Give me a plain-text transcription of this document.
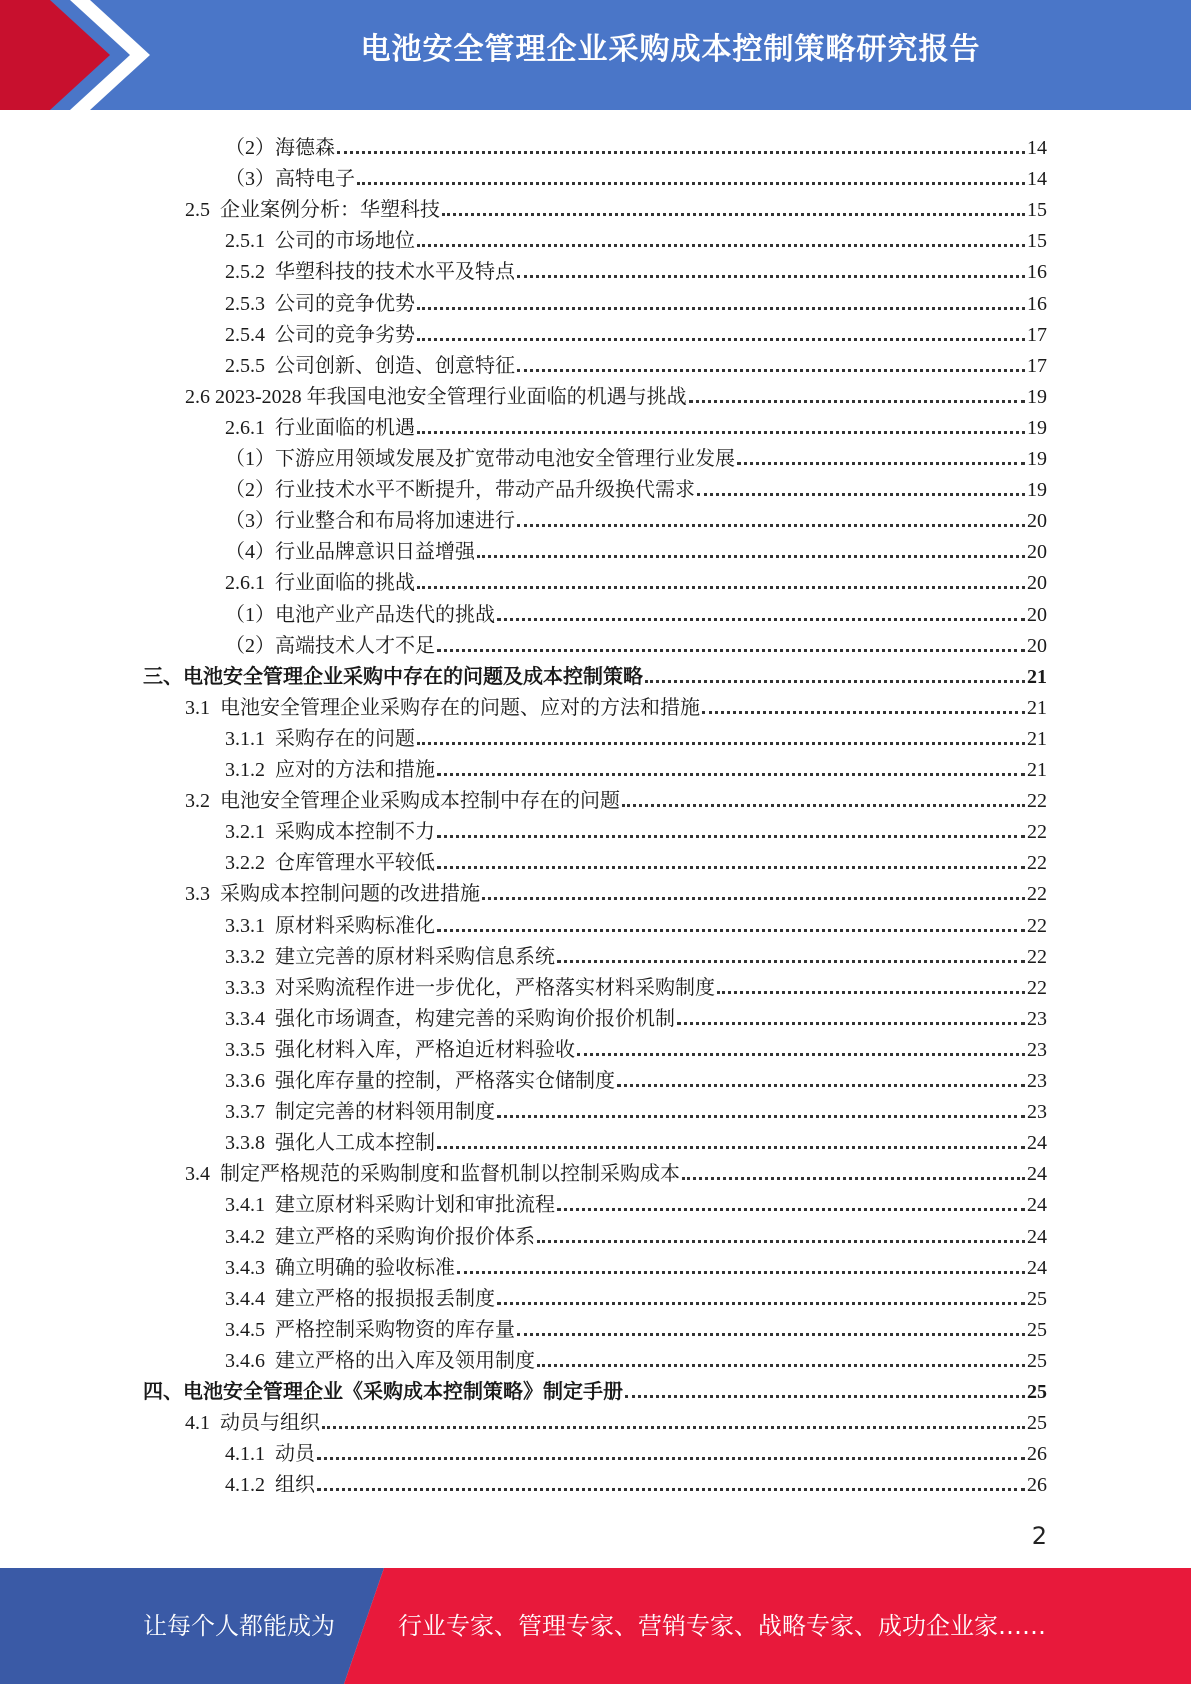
电池安全管理企业采购成本控制策略研究报告
（2）海德森	14
（3）高特电子	14
2.5 企业案例分析：华塑科技	15
2.5.1 公司的市场地位	15
2.5.2 华塑科技的技术水平及特点	16
2.5.3 公司的竞争优势	16
2.5.4 公司的竞争劣势	17
2.5.5 公司创新、创造、创意特征	17
2.6 2023-2028 年我国电池安全管理行业面临的机遇与挑战	19
2.6.1 行业面临的机遇	19
（1）下游应用领域发展及扩宽带动电池安全管理行业发展	19
（2）行业技术水平不断提升，带动产品升级换代需求	19
（3）行业整合和布局将加速进行	20
（4）行业品牌意识日益增强	20
2.6.1 行业面临的挑战	20
（1）电池产业产品迭代的挑战	20
（2）高端技术人才不足	20
三、电池安全管理企业采购中存在的问题及成本控制策略	21
3.1 电池安全管理企业采购存在的问题、应对的方法和措施	21
3.1.1 采购存在的问题	21
3.1.2 应对的方法和措施	21
3.2 电池安全管理企业采购成本控制中存在的问题	22
3.2.1 采购成本控制不力	22
3.2.2 仓库管理水平较低	22
3.3 采购成本控制问题的改进措施	22
3.3.1 原材料采购标准化	22
3.3.2 建立完善的原材料采购信息系统	22
3.3.3 对采购流程作进一步优化，严格落实材料采购制度	22
3.3.4 强化市场调查，构建完善的采购询价报价机制	23
3.3.5 强化材料入库，严格迫近材料验收	23
3.3.6 强化库存量的控制，严格落实仓储制度	23
3.3.7 制定完善的材料领用制度	23
3.3.8 强化人工成本控制	24
3.4 制定严格规范的采购制度和监督机制以控制采购成本	24
3.4.1 建立原材料采购计划和审批流程	24
3.4.2 建立严格的采购询价报价体系	24
3.4.3 确立明确的验收标准	24
3.4.4 建立严格的报损报丢制度	25
3.4.5 严格控制采购物资的库存量	25
3.4.6 建立严格的出入库及领用制度	25
四、电池安全管理企业《采购成本控制策略》制定手册	25
4.1 动员与组织	25
4.1.1 动员	26
4.1.2 组织	26
2
让每个人都能成为	行业专家、管理专家、营销专家、战略专家、成功企业家……
